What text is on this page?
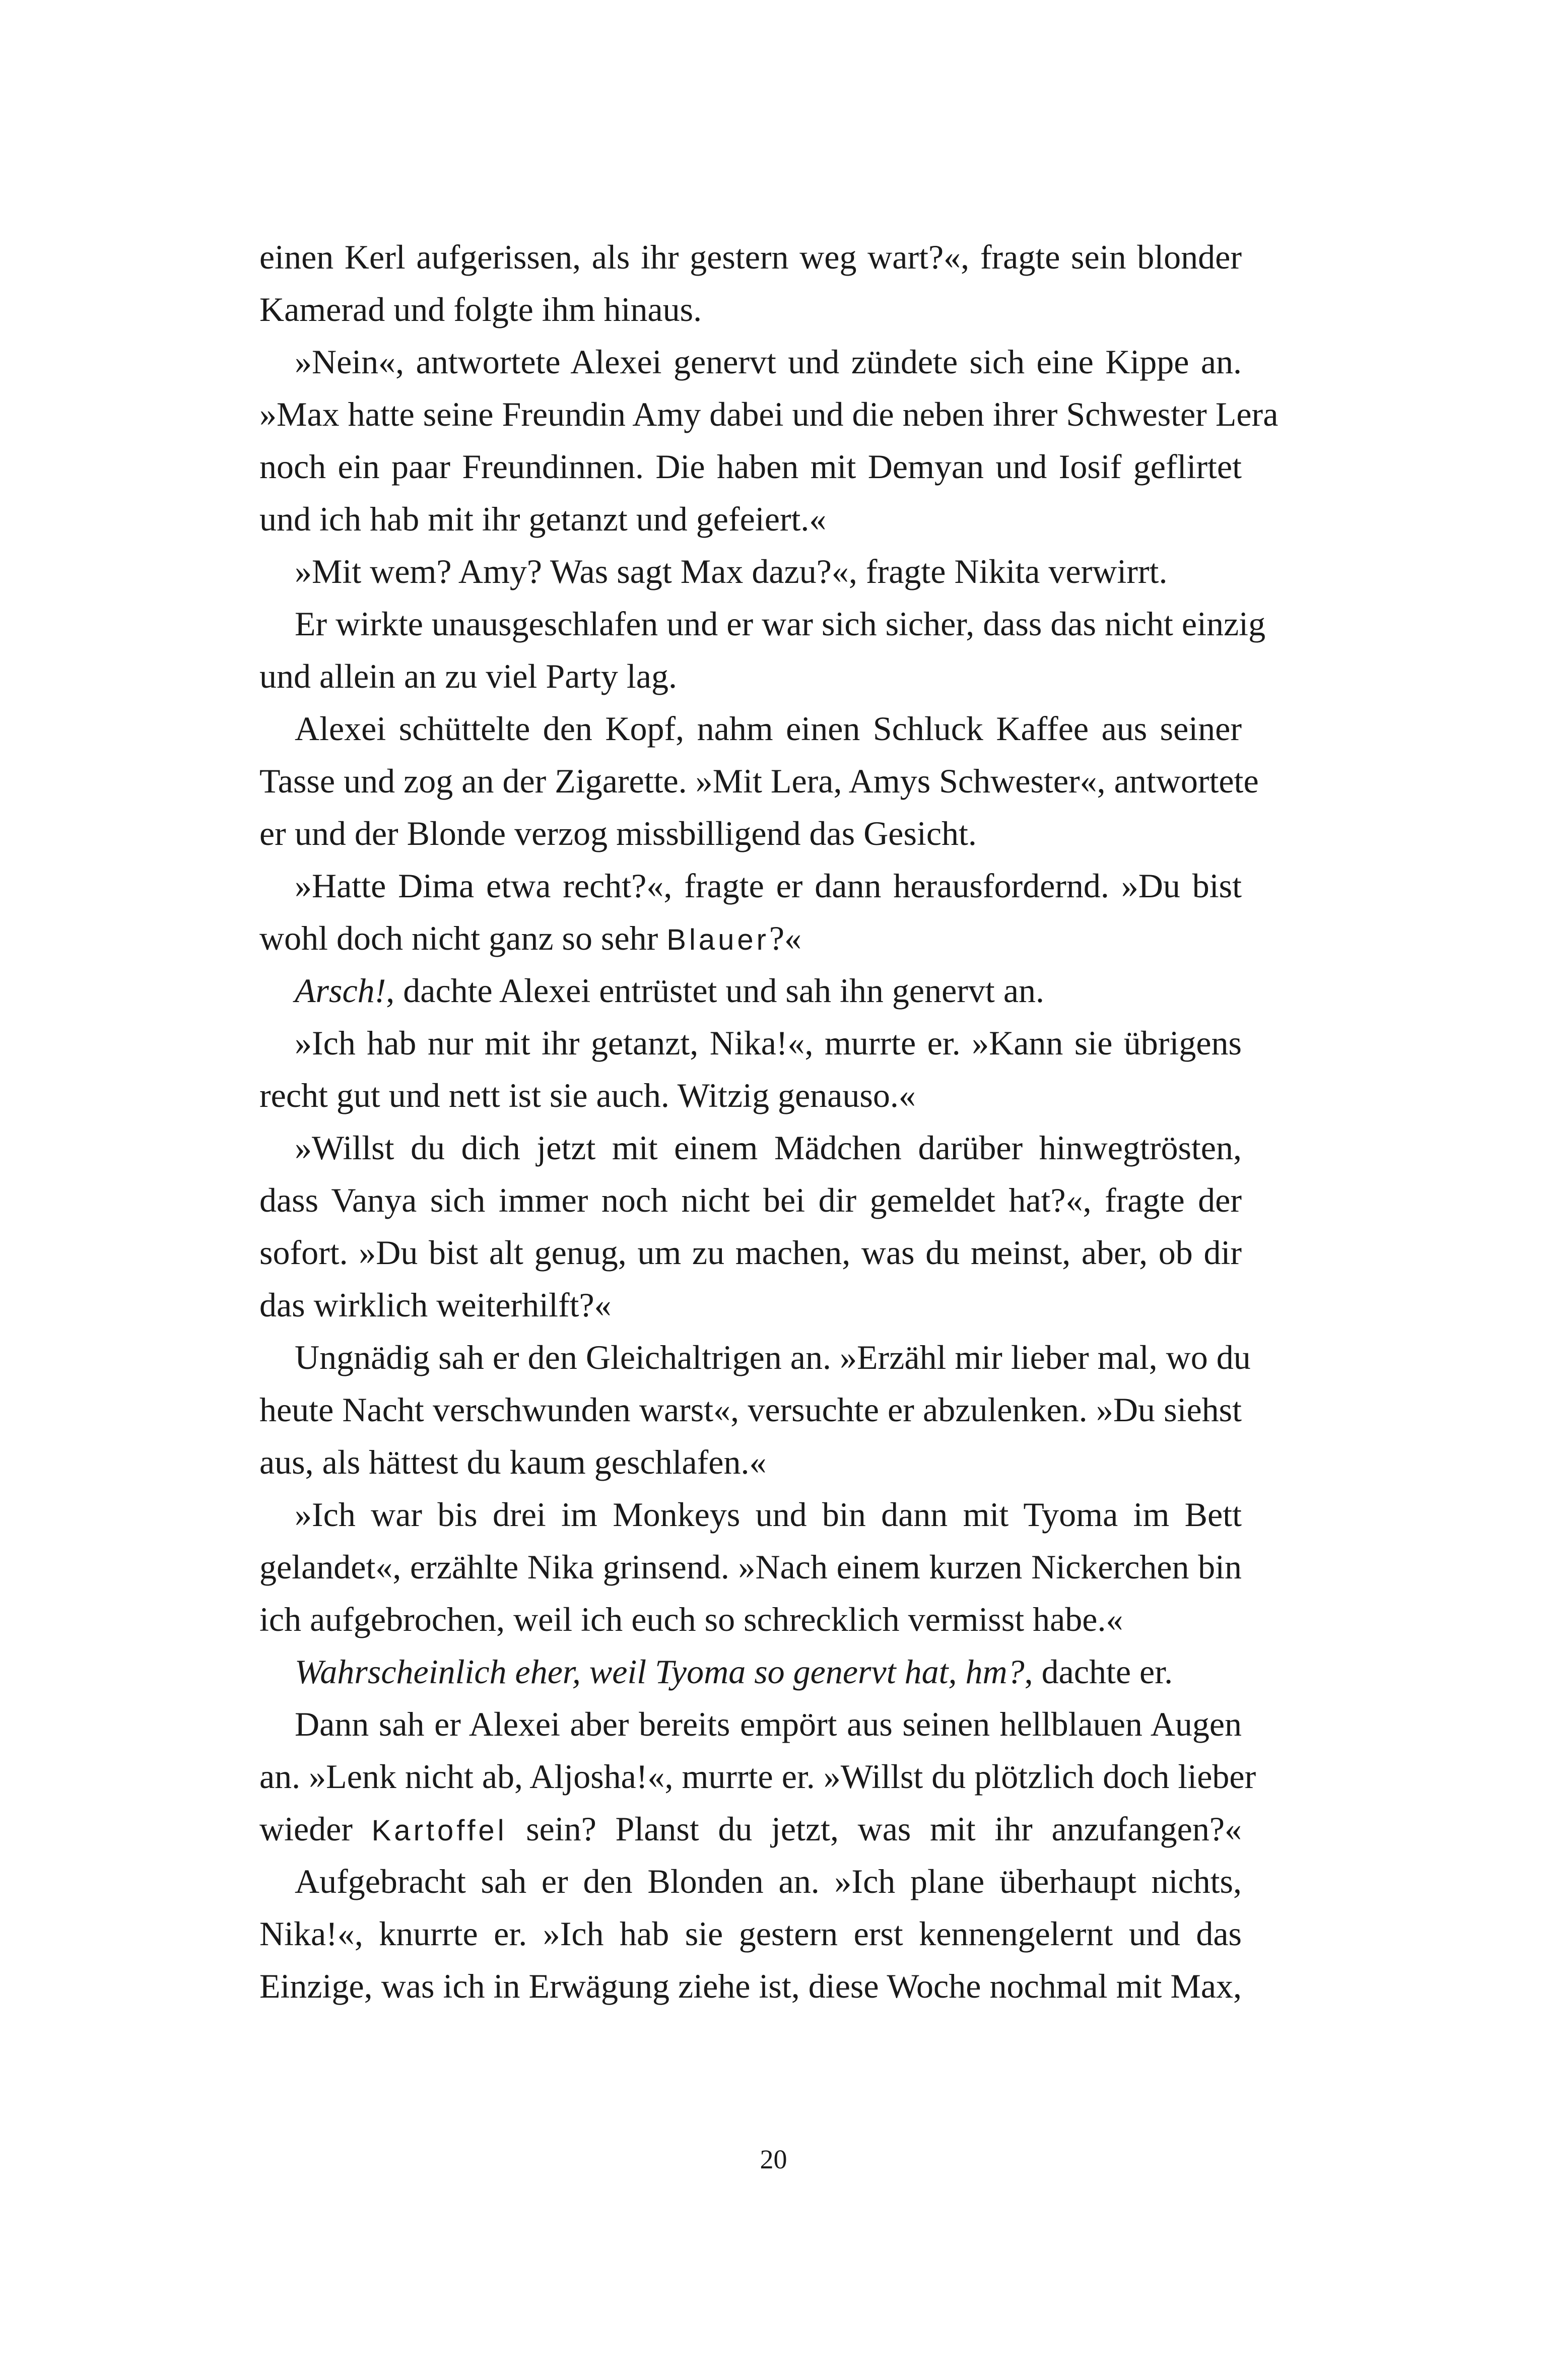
einen Kerl aufgerissen, als ihr gestern weg wart?«, fragte sein blonder
Kamerad und folgte ihm hinaus.
»Nein«, antwortete Alexei genervt und zündete sich eine Kippe an.
»Max hatte seine Freundin Amy dabei und die neben ihrer Schwester Lera
noch ein paar Freundinnen. Die haben mit Demyan und Iosif geflirtet
und ich hab mit ihr getanzt und gefeiert.«
»Mit wem? Amy? Was sagt Max dazu?«, fragte Nikita verwirrt.
Er wirkte unausgeschlafen und er war sich sicher, dass das nicht einzig
und allein an zu viel Party lag.
Alexei schüttelte den Kopf, nahm einen Schluck Kaffee aus seiner
Tasse und zog an der Zigarette. »Mit Lera, Amys Schwester«, antwortete
er und der Blonde verzog missbilligend das Gesicht.
»Hatte Dima etwa recht?«, fragte er dann herausfordernd. »Du bist
wohl doch nicht ganz so sehr Blauer?«
Arsch!, dachte Alexei entrüstet und sah ihn genervt an.
»Ich hab nur mit ihr getanzt, Nika!«, murrte er. »Kann sie übrigens
recht gut und nett ist sie auch. Witzig genauso.«
»Willst du dich jetzt mit einem Mädchen darüber hinwegtrösten,
dass Vanya sich immer noch nicht bei dir gemeldet hat?«, fragte der
sofort. »Du bist alt genug, um zu machen, was du meinst, aber, ob dir
das wirklich weiterhilft?«
Ungnädig sah er den Gleichaltrigen an. »Erzähl mir lieber mal, wo du
heute Nacht verschwunden warst«, versuchte er abzulenken. »Du siehst
aus, als hättest du kaum geschlafen.«
»Ich war bis drei im Monkeys und bin dann mit Tyoma im Bett
gelandet«, erzählte Nika grinsend. »Nach einem kurzen Nickerchen bin
ich aufgebrochen, weil ich euch so schrecklich vermisst habe.«
Wahrscheinlich eher, weil Tyoma so genervt hat, hm?, dachte er.
Dann sah er Alexei aber bereits empört aus seinen hellblauen Augen
an. »Lenk nicht ab, Aljosha!«, murrte er. »Willst du plötzlich doch lieber
wieder Kartoffel sein? Planst du jetzt, was mit ihr anzufangen?«
Aufgebracht sah er den Blonden an. »Ich plane überhaupt nichts,
Nika!«, knurrte er. »Ich hab sie gestern erst kennengelernt und das
Einzige, was ich in Erwägung ziehe ist, diese Woche nochmal mit Max,
20
